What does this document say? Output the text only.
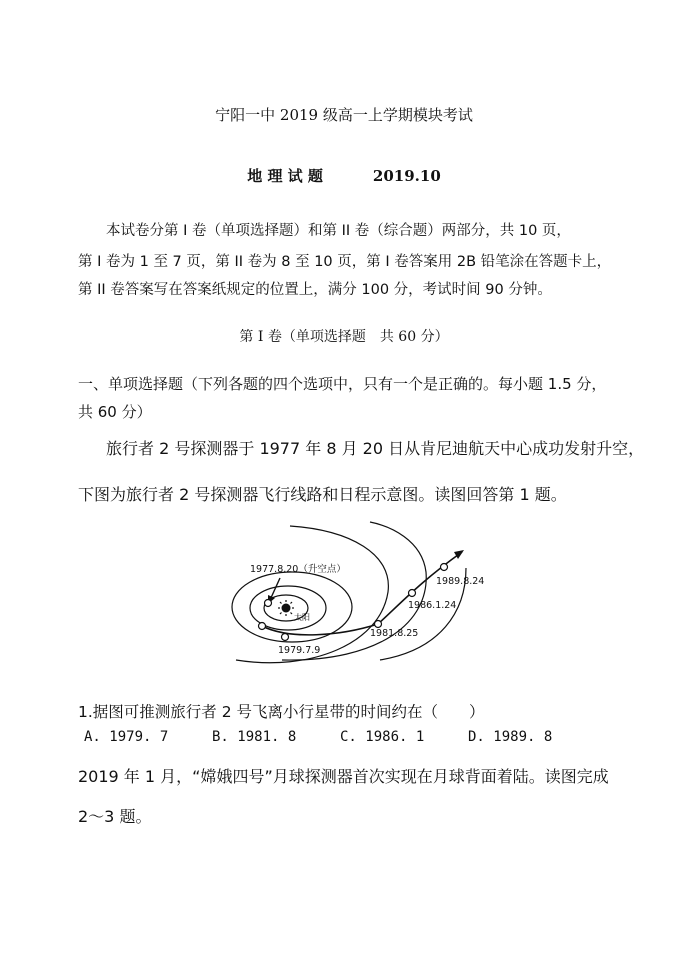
宁阳一中 2019 级高一上学期模块考试
地 理 试 题	2019.10
本试卷分第 I 卷（单项选择题）和第 II 卷（综合题）两部分，共 10 页，
第 I 卷为 1 至 7 页，第 II 卷为 8 至 10 页，第 I 卷答案用 2B 铅笔涂在答题卡上，
第 II 卷答案写在答案纸规定的位置上，满分 100 分，考试时间 90 分钟。
第 I 卷（单项选择题　共 60 分）
一、单项选择题（下列各题的四个选项中，只有一个是正确的。每小题 1.5 分，
共 60 分）
旅行者 2 号探测器于 1977 年 8 月 20 日从肯尼迪航天中心成功发射升空，
下图为旅行者 2 号探测器飞行线路和日程示意图。读图回答第 1 题。
1977.8.20（升空点）
太阳
1979.7.9
1981.8.25
1986.1.24
1989.8.24
1.据图可推测旅行者 2 号飞离小行星带的时间约在（　　）
A. 1979. 7	B. 1981. 8	C. 1986. 1	D. 1989. 8
2019 年 1 月，“嫦娥四号”月球探测器首次实现在月球背面着陆。读图完成
2～3 题。
